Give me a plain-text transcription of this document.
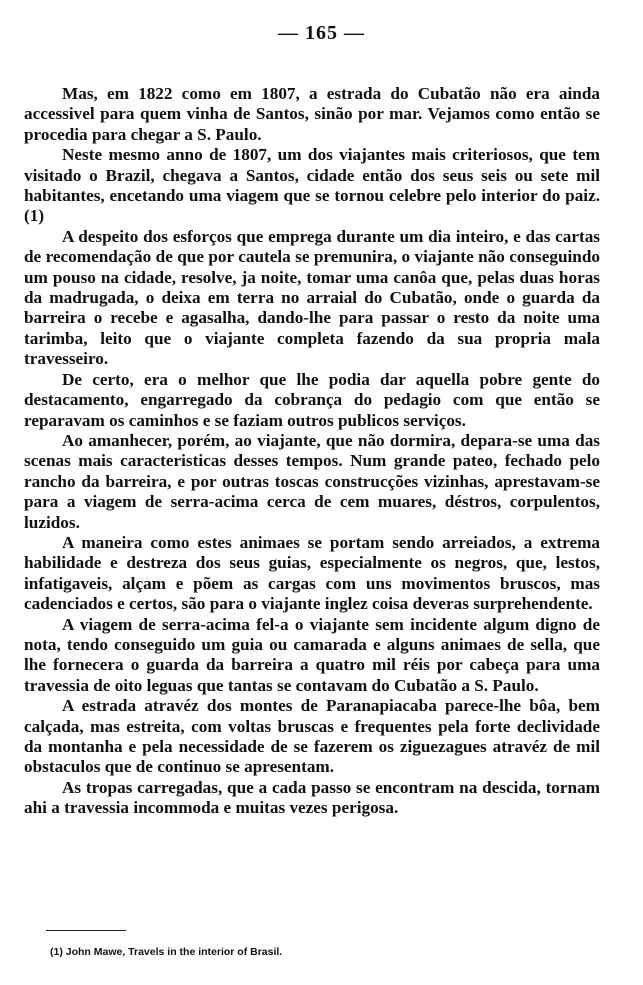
— 165 —

Mas, em 1822 como em 1807, a estrada do Cubatão não era ainda accessivel para quem vinha de Santos, sinão por mar. Vejamos como então se procedia para chegar a S. Paulo.

Neste mesmo anno de 1807, um dos viajantes mais criteriosos, que tem visitado o Brazil, chegava a Santos, cidade então dos seus seis ou sete mil habitantes, encetando uma viagem que se tornou celebre pelo interior do paiz. (1)

A despeito dos esforços que emprega durante um dia inteiro, e das cartas de recomendação de que por cautela se premunira, o viajante não conseguindo um pouso na cidade, resolve, ja noite, tomar uma canôa que, pelas duas horas da madrugada, o deixa em terra no arraial do Cubatão, onde o guarda da barreira o recebe e agasalha, dando-lhe para passar o resto da noite uma tarimba, leito que o viajante completa fazendo da sua propria mala travesseiro.

De certo, era o melhor que lhe podia dar aquella pobre gente do destacamento, engarregado da cobrança do pedagio com que então se reparavam os caminhos e se faziam outros publicos serviços.

Ao amanhecer, porém, ao viajante, que não dormira, deparа-se uma das scenas mais caracteristicas desses tempos. Num grande pateo, fechado pelo rancho da barreira, e por outras toscas construcções vizinhas, aprestavam-se para a viagem de serra-acima cerca de cem muares, déstros, corpulentos, luzidos.

A maneira como estes animaes se portam sendo arreiados, a extrema habilidade e destreza dos seus guias, especialmente os negros, que, lestos, infatigaveis, alçam e põem as cargas com uns movimentos bruscos, mas cadenciados e certos, são para o viajante inglez coisa deveras surprehendente.

A viagem de serra-acima fel-a o viajante sem incidente algum digno de nota, tendo conseguido um guia ou camarada e alguns animaes de sella, que lhe fornecera o guarda da barreira a quatro mil réis por cabeça para uma travessia de oito leguas que tantas se contavam do Cubatão a S. Paulo.

A estrada atravéz dos montes de Paranapiacaba parece-lhe bôa, bem calçada, mas estreita, com voltas bruscas e frequentes pela forte declividade da montanha e pela necessidade de se fazerem os ziguezagues atravéz de mil obstaculos que de continuo se apresentam.

As tropas carregadas, que a cada passo se encontram na descida, tornam ahi a travessia incommoda e muitas vezes perigosa.

(1) John Mawe, Travels in the interior of Brasil.
